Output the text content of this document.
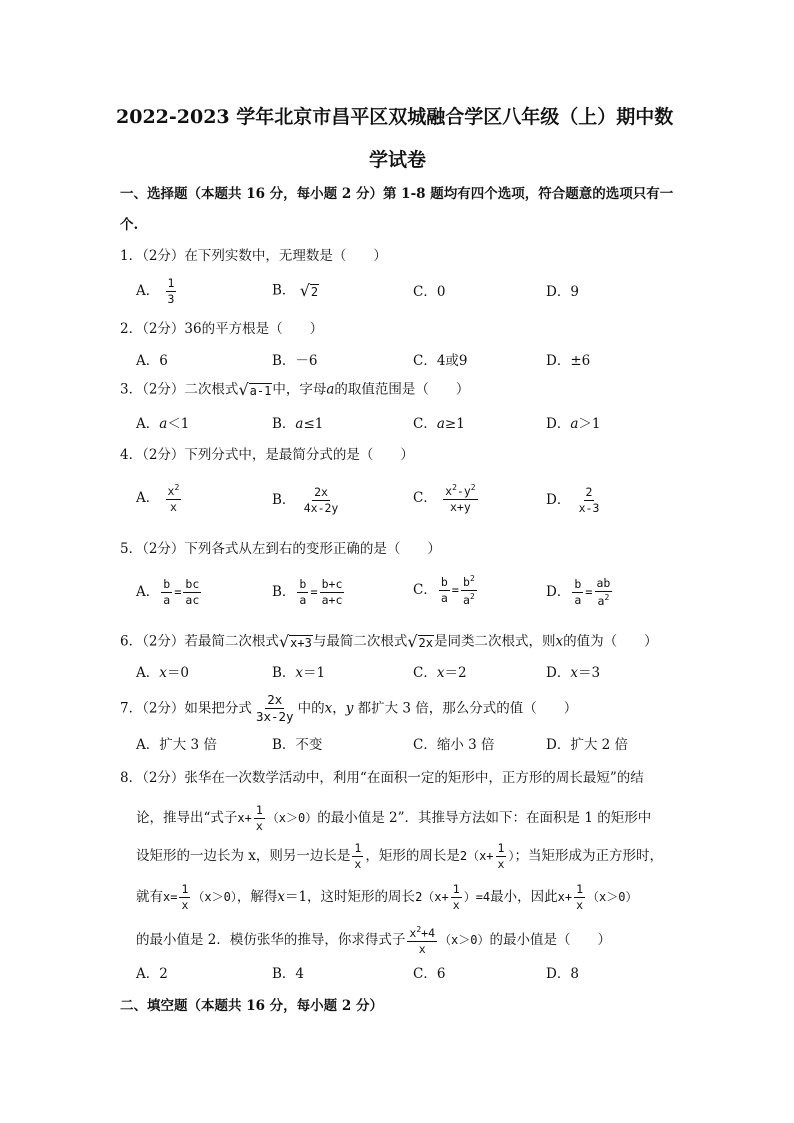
2022-2023 学年北京市昌平区双城融合学区八年级（上）期中数
学试卷
一、选择题（本题共 16 分，每小题 2 分）第 1-8 题均有四个选项，符合题意的选项只有一
个.
1．（2分）在下列实数中，无理数是（　　）
A． $\frac{1}{3}$	B． √ 2	C．0	D．9
2．（2分）36的平方根是（　　）
A．6	B．－6	C．4或9	D．±6
3．（2分）二次根式 √ a-1 中，字母a的取值范围是（　　）
A．a＜1	B．a≤1	C．a≥1	D．a＞1
4．（2分）下列分式中，是最简分式的是（　　）
A． $\frac{x^2}{x}$	B． $\frac{2x}{4x-2y}$	C． $\frac{x^2-y^2}{x+y}$	D． $\frac{2}{x-3}$
5．（2分）下列各式从左到右的变形正确的是（　　）
A． $\frac{b}{a} = \frac{bc}{ac}$	B． $\frac{b}{a} = \frac{b+c}{a+c}$	C． $\frac{b}{a} = \frac{b^2}{a^2}$	D． $\frac{b}{a} = \frac{ab}{a^2}$
6．（2分）若最简二次根式 √ x+3 与最简二次根式 √ 2x 是同类二次根式，则x的值为（　　）
A．x＝0	B．x＝1	C．x＝2	D．x＝3
7．（2分）如果把分式 $\frac{2x}{3x-2y}$ 中的x，y 都扩大 3 倍，那么分式的值（　　）
A．扩大 3 倍	B．不变	C．缩小 3 倍	D．扩大 2 倍
8．（2分）张华在一次数学活动中，利用“在面积一定的矩形中，正方形的周长最短”的结
论，推导出“式子$x+ \frac{1}{x} (x>0)$的最小值是 2”．其推导方法如下：在面积是 1 的矩形中
设矩形的一边长为 x，则另一边长是 $\frac{1}{x}$ ，矩形的周长是$2(x+ \frac{1}{x}$ ）；当矩形成为正方形时，
就有$x= \frac{1}{x} (x>0)$，解得x＝1，这时矩形的周长$2(x+ \frac{1}{x} )=4$最小，因此$x+ \frac{1}{x} (x>0)$
的最小值是 2．模仿张华的推导，你求得式子 $\frac{x^2+4}{x} (x>0)$的最小值是（　　）
A．2	B．4	C．6	D．8
二、填空题（本题共 16 分，每小题 2 分）
